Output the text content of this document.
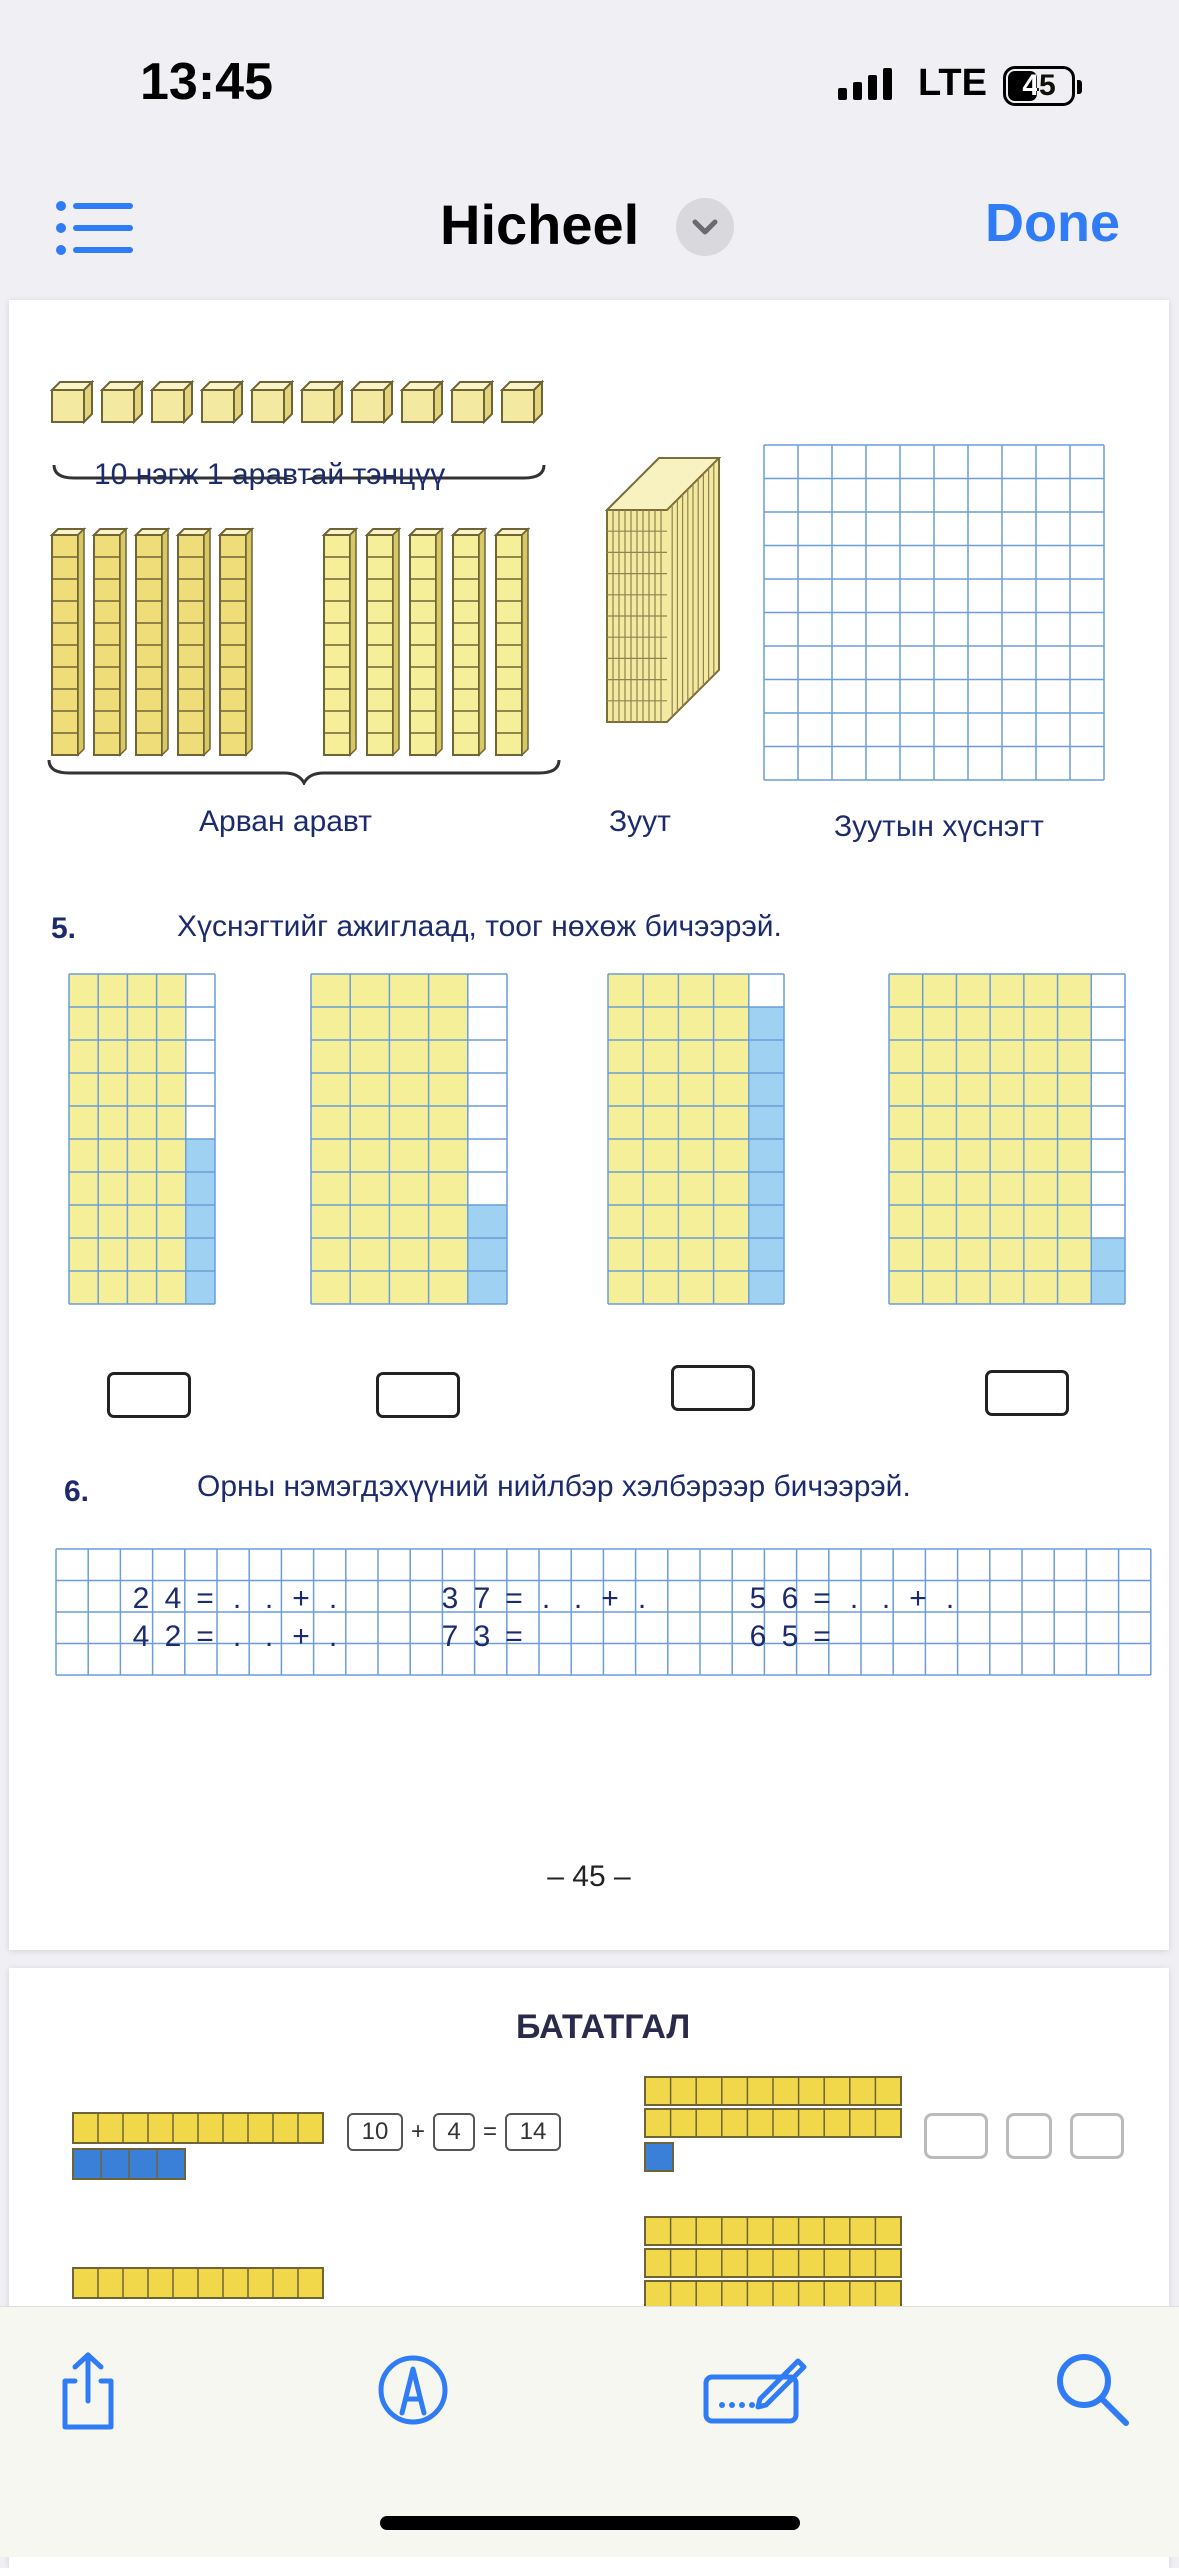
13:45	LTE	45
Hicheel	Done
10 нэгж 1 аравтай тэнцүү
Арван аравт	Зуут	Зуутын хүснэгт
5.	Хүснэгтийг ажиглаад, тоог нөхөж бичээрэй.
6.	Орны нэмэгдэхүүний нийлбэр хэлбэрээр бичээрэй.
2 4 = . . + .	3 7 = . . + .	5 6 = . . + .
4 2 = . . + .	7 3 =	6 5 =
– 45 –
БАТАТГАЛ
10 + 4 = 14
